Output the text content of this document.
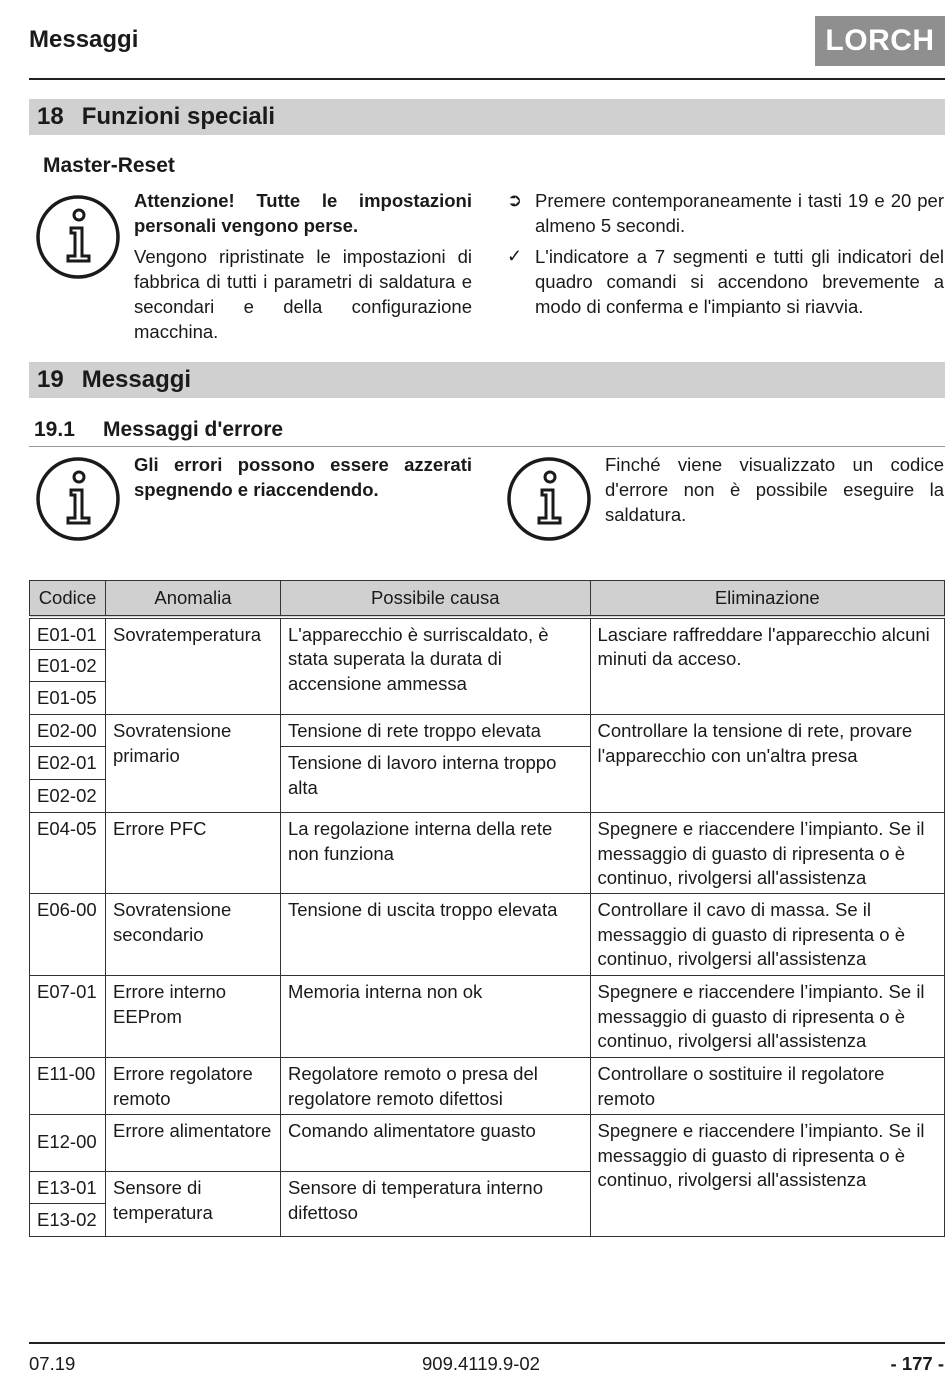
Messaggi	LORCH
18 Funzioni speciali
Master-Reset
Attenzione! Tutte le impostazioni personali vengono perse.
Vengono ripristinate le impostazioni di fabbrica di tutti i parametri di saldatura e secondari e della configurazione macchina.
➲ Premere contemporaneamente i tasti 19 e 20 per almeno 5 secondi.
✓ L'indicatore a 7 segmenti e tutti gli indicatori del quadro comandi si accendono brevemente a modo di conferma e l'impianto si riavvia.
19 Messaggi
19.1 Messaggi d'errore
Gli errori possono essere azzerati spegnendo e riaccendendo.
Finché viene visualizzato un codice d'errore non è possibile eseguire la saldatura.
Codice	Anomalia	Possibile causa	Eliminazione
E01-01	Sovratemperatura	L'apparecchio è surriscaldato, è stata superata la durata di accensione ammessa	Lasciare raffreddare l'apparecchio alcuni minuti da acceso.
E01-02			
E01-05			
E02-00	Sovratensione primario	Tensione di rete troppo elevata	Controllare la tensione di rete, provare l'apparecchio con un'altra presa
E02-01		Tensione di lavoro interna troppo alta	
E02-02			
E04-05	Errore PFC	La regolazione interna della rete non funziona	Spegnere e riaccendere l’impianto. Se il messaggio di guasto di ripresenta o è continuo, rivolgersi all'assistenza
E06-00	Sovratensione secondario	Tensione di uscita troppo elevata	Controllare il cavo di massa. Se il messaggio di guasto di ripresenta o è continuo, rivolgersi all'assistenza
E07-01	Errore interno EEProm	Memoria interna non ok	Spegnere e riaccendere l’impianto. Se il messaggio di guasto di ripresenta o è continuo, rivolgersi all'assistenza
E11-00	Errore regolatore remoto	Regolatore remoto o presa del regolatore remoto difettosi	Controllare o sostituire il regolatore remoto
E12-00	Errore alimentatore	Comando alimentatore guasto	Spegnere e riaccendere l’impianto. Se il messaggio di guasto di ripresenta o è continuo, rivolgersi all'assistenza
E13-01	Sensore di temperatura	Sensore di temperatura interno difettoso	
E13-02			
07.19	909.4119.9-02	- 177 -
